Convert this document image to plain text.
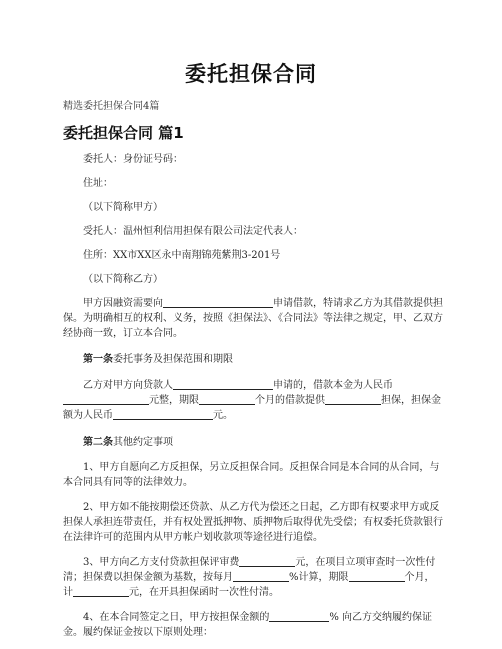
委托担保合同
精选委托担保合同4篇
委托担保合同 篇1
委托人：身份证号码：
住址：
（以下简称甲方）
受托人：温州恒利信用担保有限公司法定代表人：
住所：XX市XX区永中南翔锦苑紫荆3-201号
（以下简称乙方）
甲方因融资需要向	申请借款，特请求乙方为其借款提供担保。为明确相互的权利、义务，按照《担保法》、《合同法》等法律之规定，甲、乙双方经协商一致，订立本合同。
第一条委托事务及担保范围和期限
乙方对甲方向贷款人	申请的，借款本金为人民币元整，期限	个月的借款提供	担保，担保金额为人民币	元。
第二条其他约定事项
1、甲方自愿向乙方反担保，另立反担保合同。反担保合同是本合同的从合同，与本合同具有同等的法律效力。
2、甲方如不能按期偿还贷款、从乙方代为偿还之日起，乙方即有权要求甲方或反担保人承担连带责任，并有权处置抵押物、质押物后取得优先受偿；有权委托贷款银行在法律许可的范围内从甲方帐户划收款项等途径进行追偿。
3、甲方向乙方支付贷款担保评审费	元，在项目立项审查时一次性付清；担保费以担保金额为基数，按每月	%计算，期限	个月，计	元，在开具担保函时一次性付清。
4、在本合同签定之日，甲方按担保金额的	% 向乙方交纳履约保证金。履约保证金按以下原则处理：
